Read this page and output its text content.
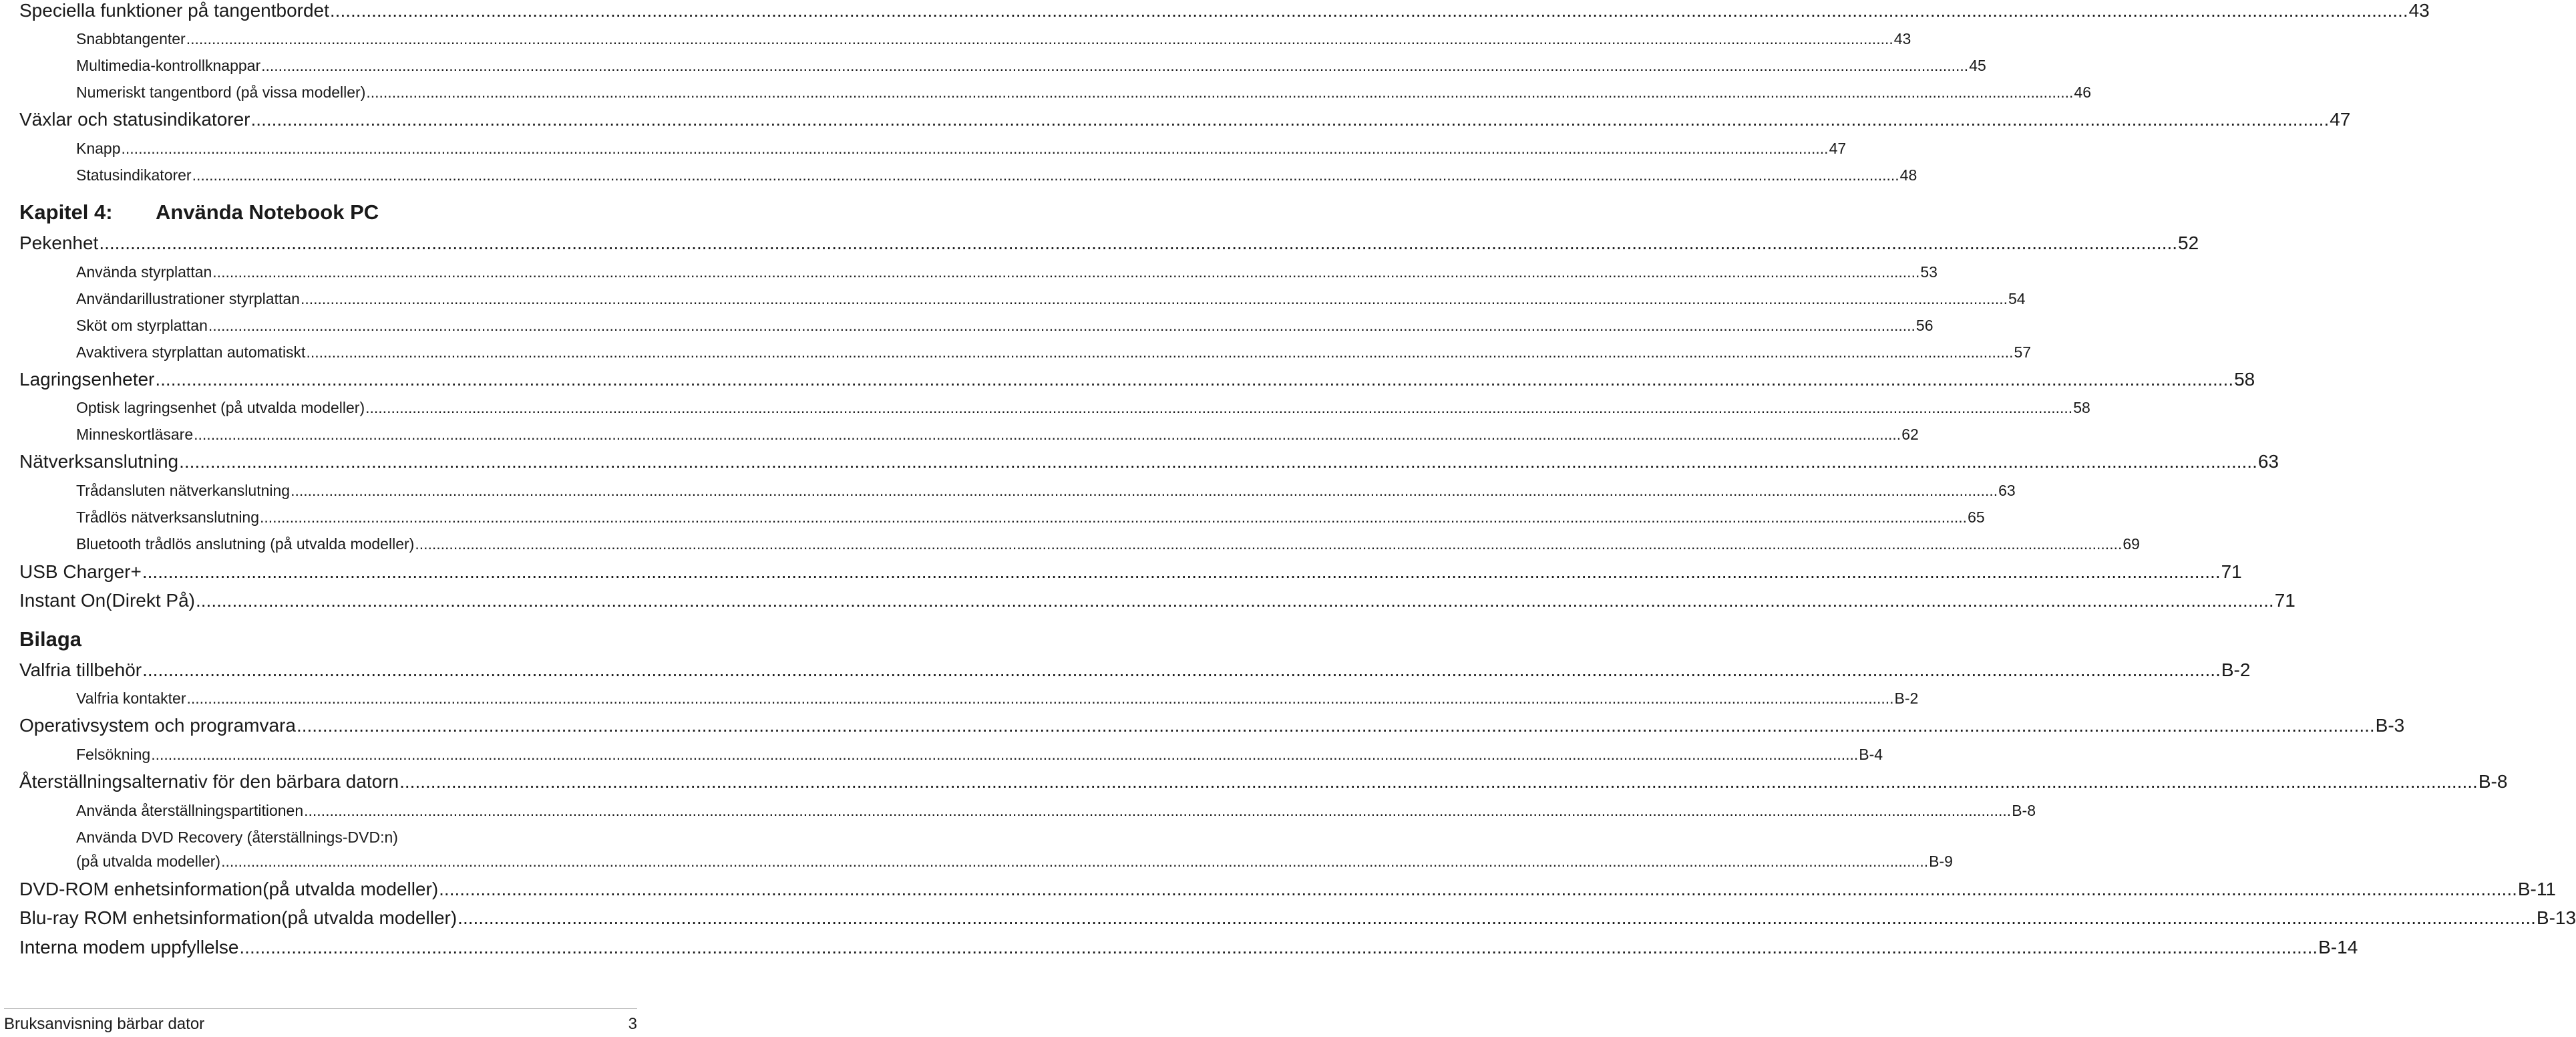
Speciella funktioner på tangentbordet ................................................................................................................................................................................................................................................................................................................................................................................................................ 43
Snabbtangenter ................................................................................................................................................................................................................................................................................................................................................................................................................ 43
Multimedia-kontrollknappar ................................................................................................................................................................................................................................................................................................................................................................................................................ 45
Numeriskt tangentbord (på vissa modeller) ................................................................................................................................................................................................................................................................................................................................................................................................................ 46
Växlar och statusindikatorer ................................................................................................................................................................................................................................................................................................................................................................................................................ 47
Knapp ................................................................................................................................................................................................................................................................................................................................................................................................................ 47
Statusindikatorer ................................................................................................................................................................................................................................................................................................................................................................................................................ 48
Kapitel 4: Använda Notebook PC
Pekenhet ................................................................................................................................................................................................................................................................................................................................................................................................................ 52
Använda styrplattan ................................................................................................................................................................................................................................................................................................................................................................................................................ 53
Användarillustrationer styrplattan ................................................................................................................................................................................................................................................................................................................................................................................................................ 54
Sköt om styrplattan ................................................................................................................................................................................................................................................................................................................................................................................................................ 56
Avaktivera styrplattan automatiskt ................................................................................................................................................................................................................................................................................................................................................................................................................ 57
Lagringsenheter ................................................................................................................................................................................................................................................................................................................................................................................................................ 58
Optisk lagringsenhet (på utvalda modeller) ................................................................................................................................................................................................................................................................................................................................................................................................................ 58
Minneskortläsare ................................................................................................................................................................................................................................................................................................................................................................................................................ 62
Nätverksanslutning ................................................................................................................................................................................................................................................................................................................................................................................................................ 63
Trådansluten nätverkanslutning ................................................................................................................................................................................................................................................................................................................................................................................................................ 63
Trådlös nätverksanslutning ................................................................................................................................................................................................................................................................................................................................................................................................................ 65
Bluetooth trådlös anslutning (på utvalda modeller) ................................................................................................................................................................................................................................................................................................................................................................................................................ 69
USB Charger+ ................................................................................................................................................................................................................................................................................................................................................................................................................ 71
Instant On(Direkt På) ................................................................................................................................................................................................................................................................................................................................................................................................................ 71
Bilaga
Valfria tillbehör ................................................................................................................................................................................................................................................................................................................................................................................................................ B-2
Valfria kontakter ................................................................................................................................................................................................................................................................................................................................................................................................................ B-2
Operativsystem och programvara ................................................................................................................................................................................................................................................................................................................................................................................................................ B-3
Felsökning ................................................................................................................................................................................................................................................................................................................................................................................................................ B-4
Återställningsalternativ för den bärbara datorn ................................................................................................................................................................................................................................................................................................................................................................................................................ B-8
Använda återställningspartitionen ................................................................................................................................................................................................................................................................................................................................................................................................................ B-8
Använda DVD Recovery (återställnings-DVD:n)
(på utvalda modeller) ................................................................................................................................................................................................................................................................................................................................................................................................................ B-9
DVD-ROM enhetsinformation(på utvalda modeller) ................................................................................................................................................................................................................................................................................................................................................................................................................ B-11
Blu-ray ROM enhetsinformation(på utvalda modeller) ................................................................................................................................................................................................................................................................................................................................................................................................................ B-13
Interna modem uppfyllelse ................................................................................................................................................................................................................................................................................................................................................................................................................ B-14
Bruksanvisning bärbar dator	3
